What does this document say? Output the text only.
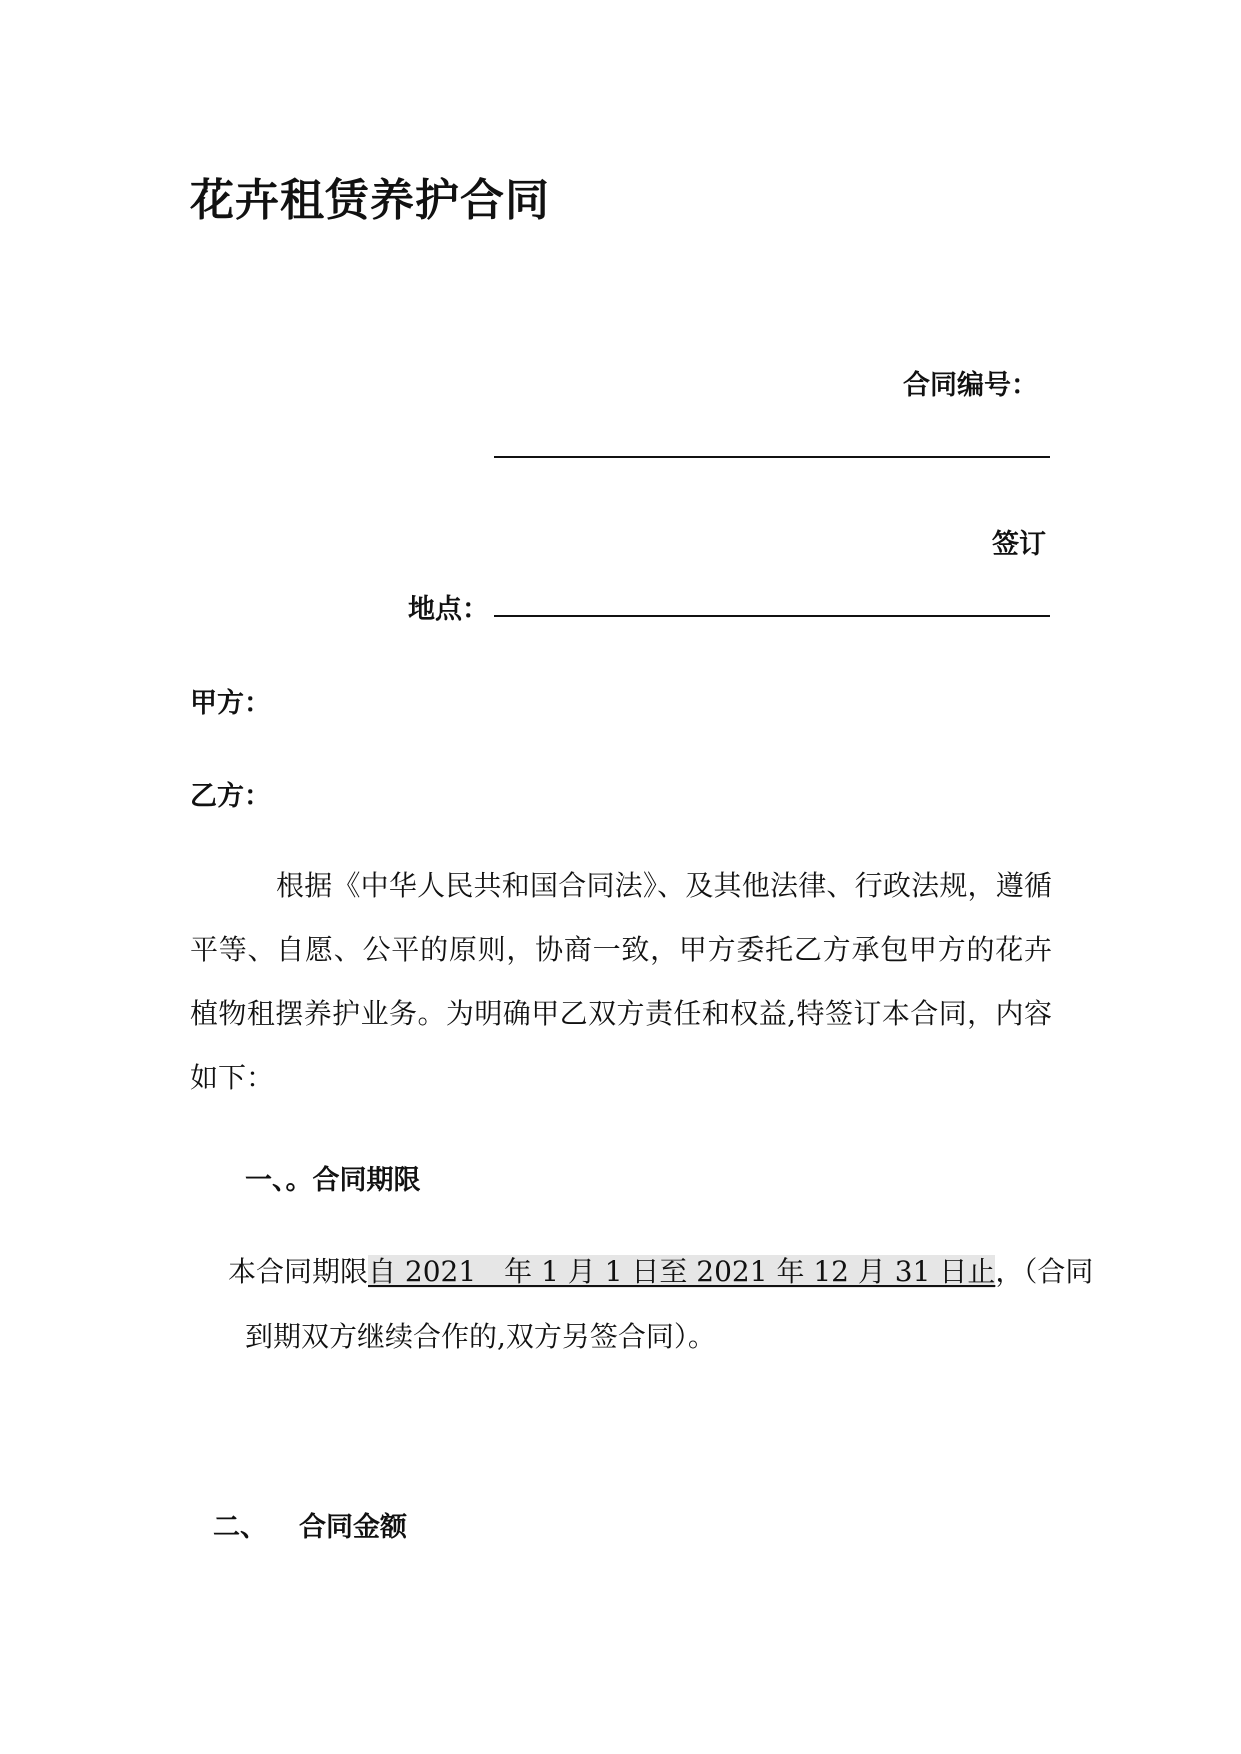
花卉租赁养护合同
合同编号：
签订
地点：
甲方：
乙方：
根据《中华人民共和国合同法》、及其他法律、行政法规，遵循平等、自愿、公平的原则，协商一致，甲方委托乙方承包甲方的花卉植物租摆养护业务。为明确甲乙双方责任和权益,特签订本合同，内容如下：
一、。合同期限
本合同期限自 2021　年 1 月 1 日至 2021 年 12 月 31 日止，（合同
到期双方继续合作的,双方另签合同）。
二、 合同金额
